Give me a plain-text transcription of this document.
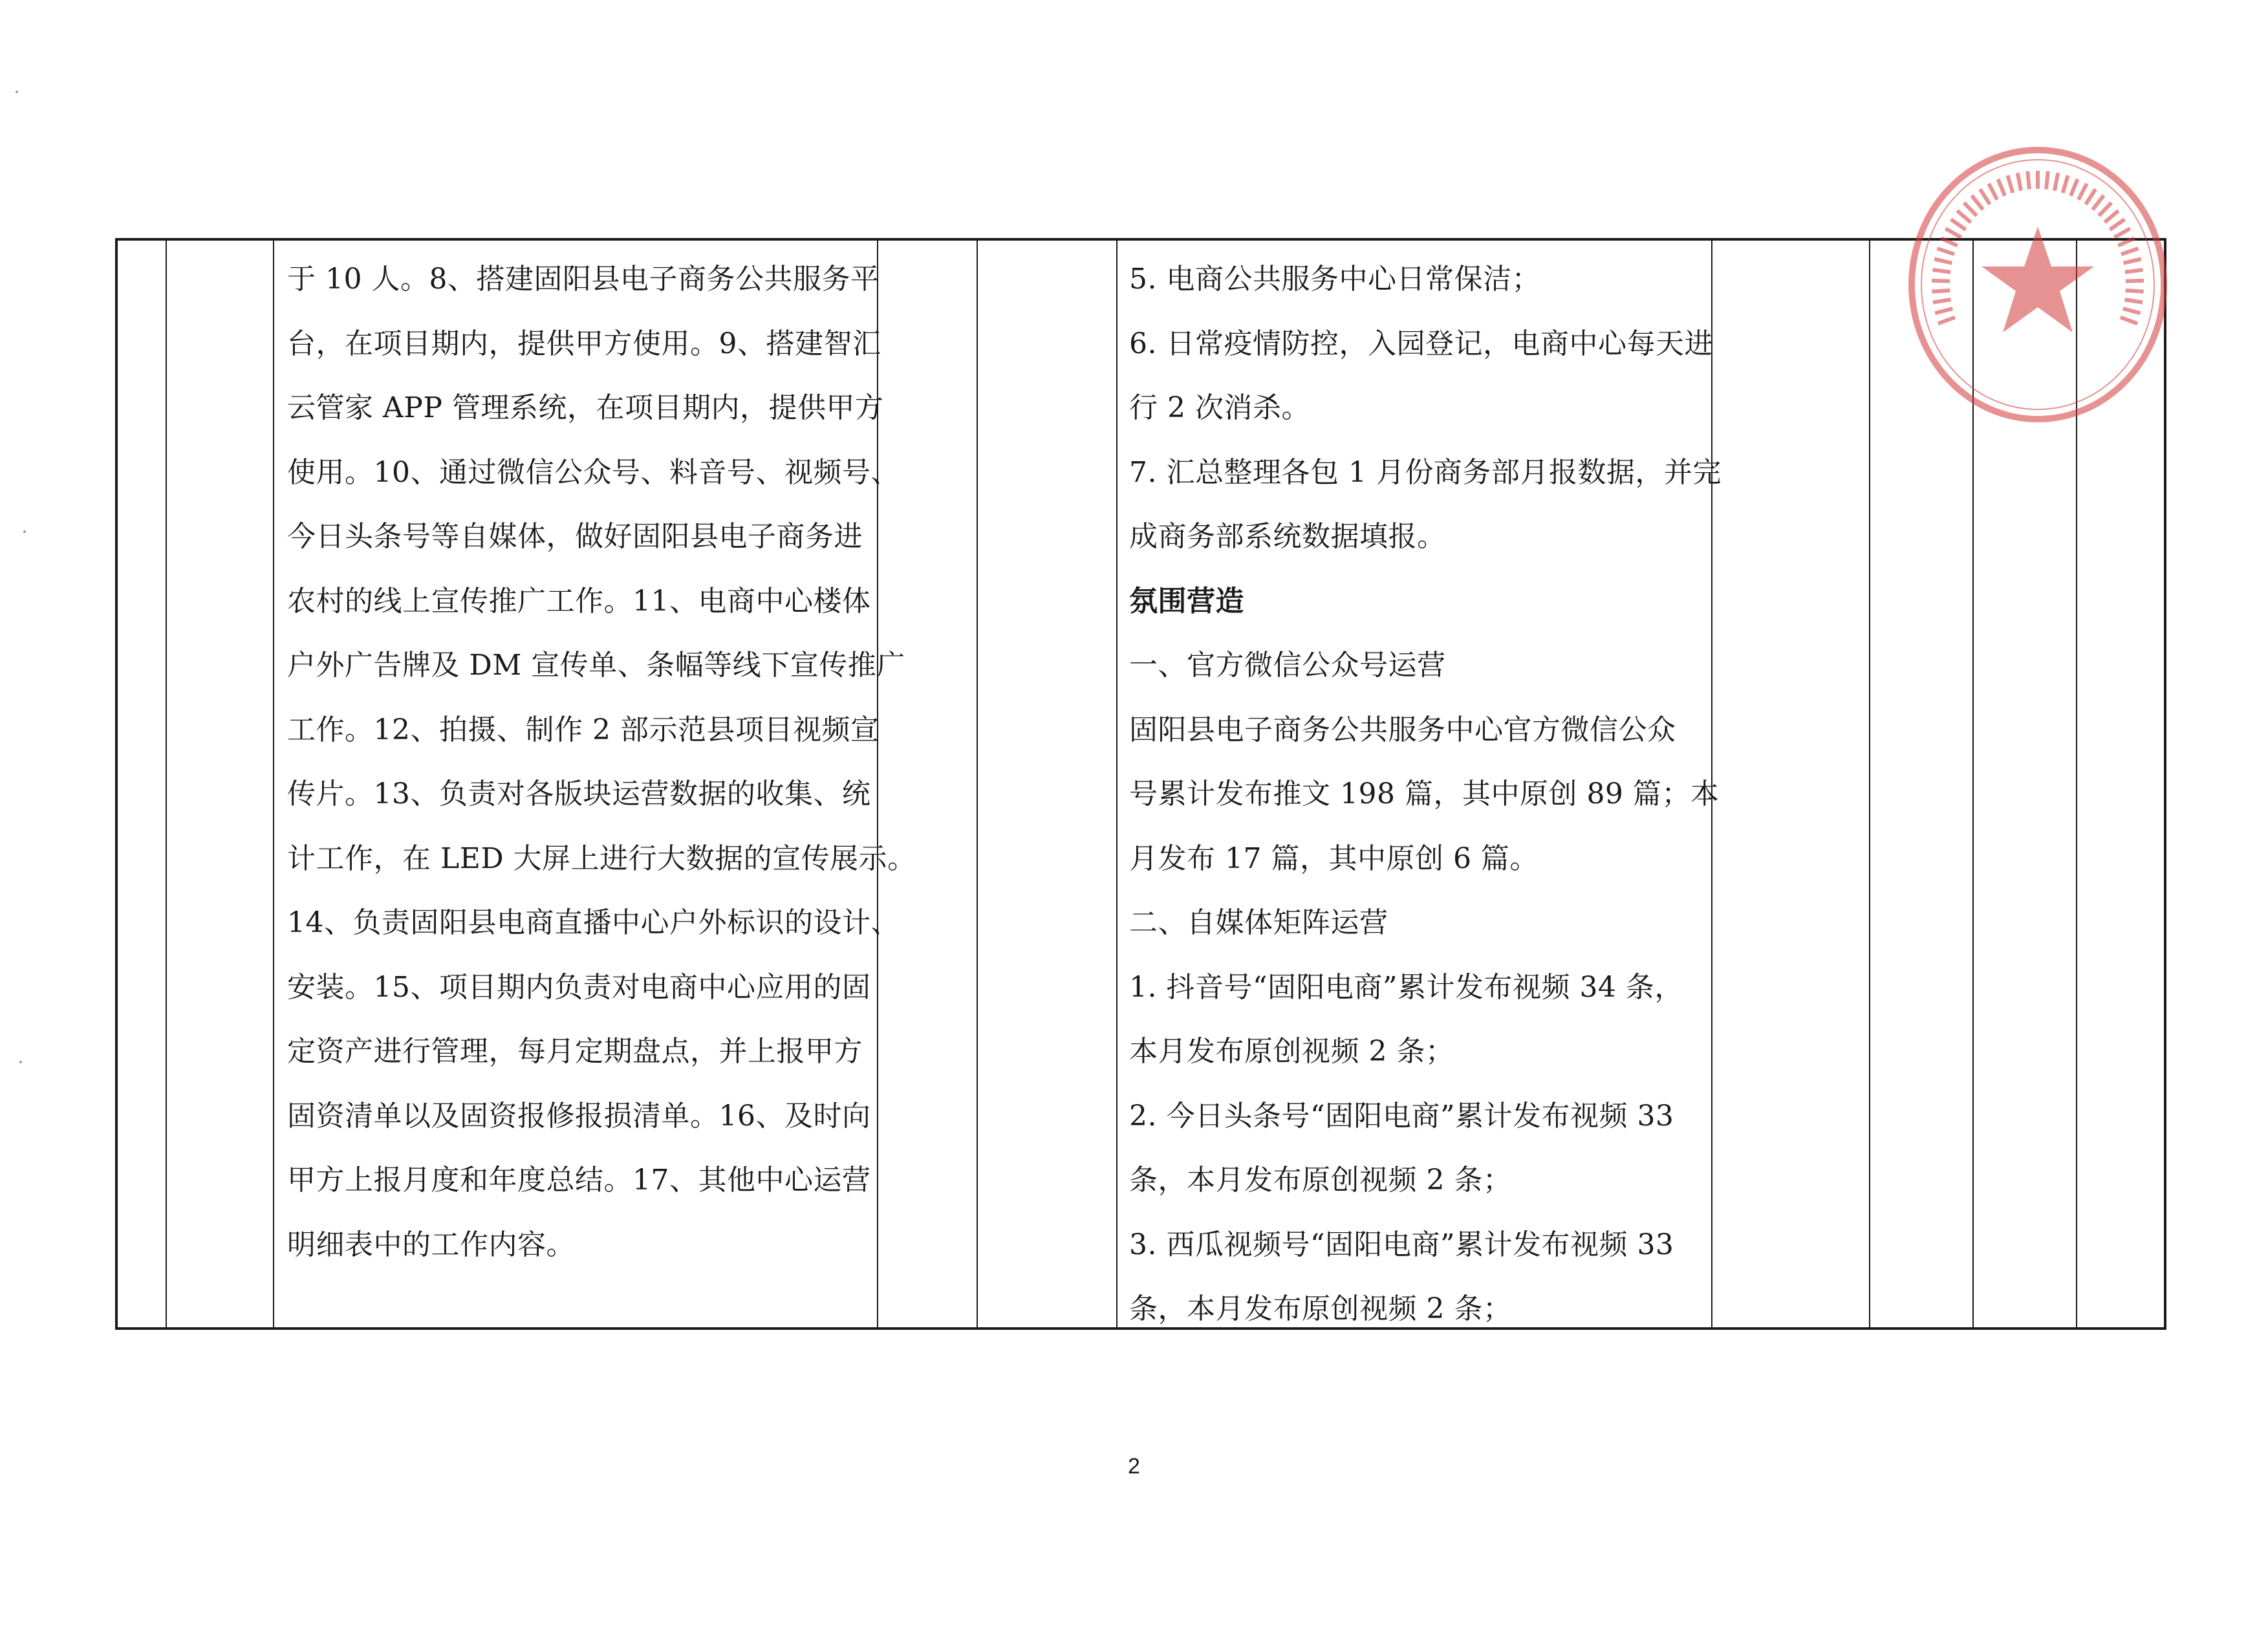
于 10 人。8、搭建固阳县电子商务公共服务平
台，在项目期内，提供甲方使用。9、搭建智汇
云管家 APP 管理系统，在项目期内，提供甲方
使用。10、通过微信公众号、料音号、视频号、
今日头条号等自媒体，做好固阳县电子商务进
农村的线上宣传推广工作。11、电商中心楼体
户外广告牌及 DM 宣传单、条幅等线下宣传推广
工作。12、拍摄、制作 2 部示范县项目视频宣
传片。13、负责对各版块运营数据的收集、统
计工作，在 LED 大屏上进行大数据的宣传展示。
14、负责固阳县电商直播中心户外标识的设计、
安装。15、项目期内负责对电商中心应用的固
定资产进行管理，每月定期盘点，并上报甲方
固资清单以及固资报修报损清单。16、及时向
甲方上报月度和年度总结。17、其他中心运营
明细表中的工作内容。
5. 电商公共服务中心日常保洁；
6. 日常疫情防控，入园登记，电商中心每天进
行 2 次消杀。
7. 汇总整理各包 1 月份商务部月报数据，并完
成商务部系统数据填报。
氛围营造
一、官方微信公众号运营
固阳县电子商务公共服务中心官方微信公众
号累计发布推文 198 篇，其中原创 89 篇；本
月发布 17 篇，其中原创 6 篇。
二、自媒体矩阵运营
1. 抖音号“固阳电商”累计发布视频 34 条，
本月发布原创视频 2 条；
2. 今日头条号“固阳电商”累计发布视频 33
条，本月发布原创视频 2 条；
3. 西瓜视频号“固阳电商”累计发布视频 33
条，本月发布原创视频 2 条；
2
